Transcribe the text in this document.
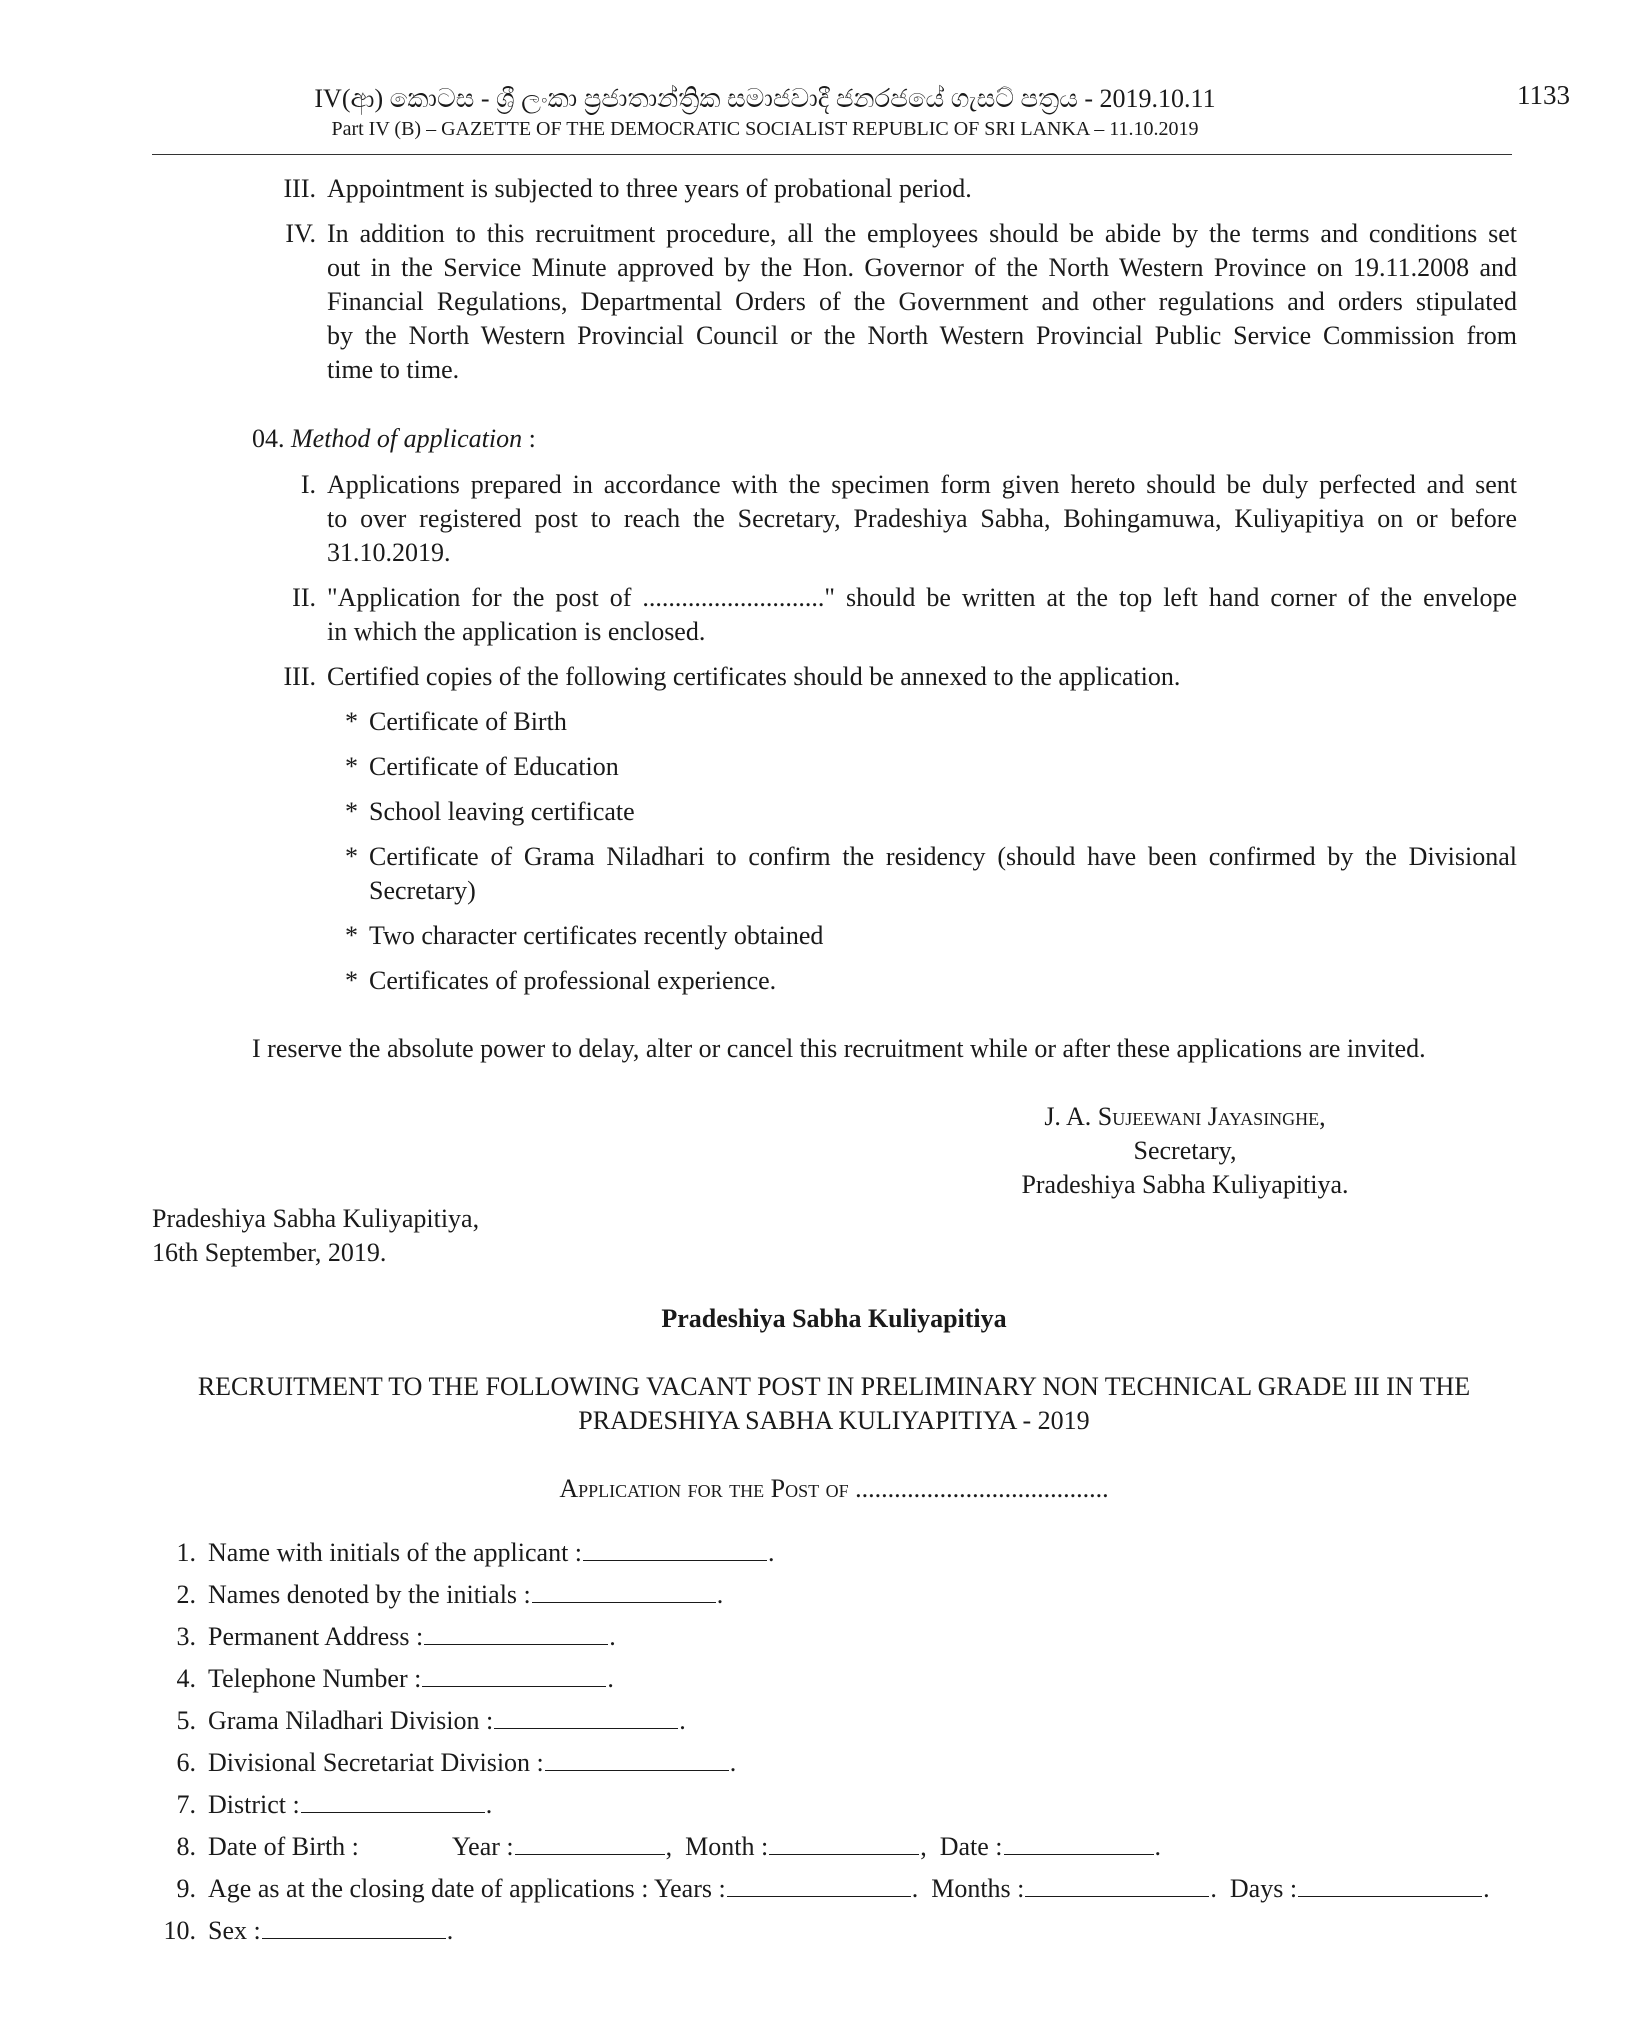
IV(ආ) කොටස - ශ්‍රී ලංකා ප්‍රජාතාන්ත්‍රික සමාජවාදී ජනරජයේ ගැසට් පත්‍රය - 2019.10.11
Part IV (B) – GAZETTE OF THE DEMOCRATIC SOCIALIST REPUBLIC OF SRI LANKA – 11.10.2019
1133
III. Appointment is subjected to three years of probational period.
IV. In addition to this recruitment procedure, all the employees should be abide by the terms and conditions set
out in the Service Minute approved by the Hon. Governor of the North Western Province on 19.11.2008 and
Financial Regulations, Departmental Orders of the Government and other regulations and orders stipulated
by the North Western Provincial Council or the North Western Provincial Public Service Commission from
time to time.
04. Method of application :
I. Applications prepared in accordance with the specimen form given hereto should be duly perfected and sent
to over registered post to reach the Secretary, Pradeshiya Sabha, Bohingamuwa, Kuliyapitiya on or before
31.10.2019.
II. "Application for the post of ............................" should be written at the top left hand corner of the envelope
in which the application is enclosed.
III. Certified copies of the following certificates should be annexed to the application.
* Certificate of Birth
* Certificate of Education
* School leaving certificate
* Certificate of Grama Niladhari to confirm the residency (should have been confirmed by the Divisional
Secretary)
* Two character certificates recently obtained
* Certificates of professional experience.
I reserve the absolute power to delay, alter or cancel this recruitment while or after these applications are invited.
J. A. Sujeewani Jayasinghe,
Secretary,
Pradeshiya Sabha Kuliyapitiya.
Pradeshiya Sabha Kuliyapitiya,
16th September, 2019.
Pradeshiya Sabha Kuliyapitiya
RECRUITMENT TO THE FOLLOWING VACANT POST IN PRELIMINARY NON TECHNICAL GRADE III IN THE
PRADESHIYA SABHA KULIYAPITIYA - 2019
Application for the Post of .......................................
1. Name with initials of the applicant :	.
2. Names denoted by the initials :	.
3. Permanent Address :	.
4. Telephone Number :	.
5. Grama Niladhari Division :	.
6. Divisional Secretariat Division :	.
7. District :	.
8. Date of Birth :	Year :	, Month :	, Date :	.
9. Age as at the closing date of applications : Years :	. Months :	. Days :	.
10. Sex :	.
